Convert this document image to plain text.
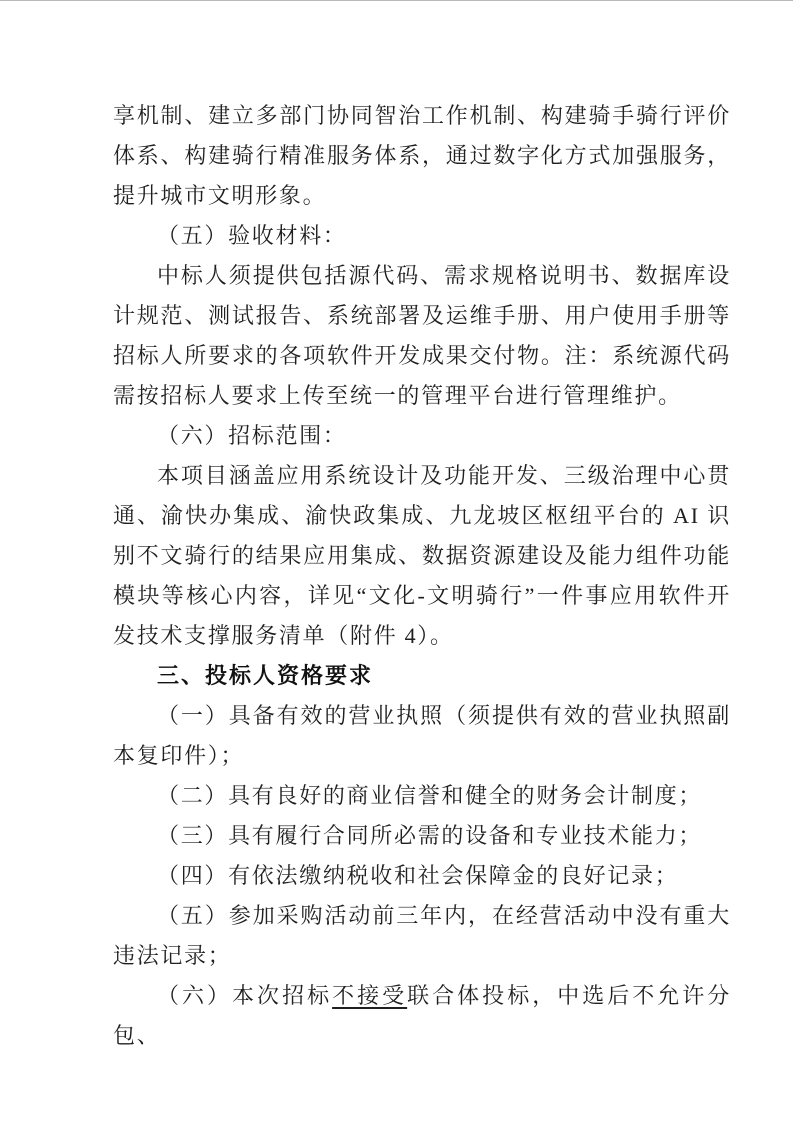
享机制、建立多部门协同智治工作机制、构建骑手骑行评价体系、构建骑行精准服务体系，通过数字化方式加强服务，提升城市文明形象。

（五）验收材料：

中标人须提供包括源代码、需求规格说明书、数据库设计规范、测试报告、系统部署及运维手册、用户使用手册等招标人所要求的各项软件开发成果交付物。注：系统源代码需按招标人要求上传至统一的管理平台进行管理维护。

（六）招标范围：

本项目涵盖应用系统设计及功能开发、三级治理中心贯通、渝快办集成、渝快政集成、九龙坡区枢纽平台的 AI 识别不文骑行的结果应用集成、数据资源建设及能力组件功能模块等核心内容，详见“文化-文明骑行”一件事应用软件开发技术支撑服务清单（附件 4）。

三、投标人资格要求

（一）具备有效的营业执照（须提供有效的营业执照副本复印件）；

（二）具有良好的商业信誉和健全的财务会计制度；

（三）具有履行合同所必需的设备和专业技术能力；

（四）有依法缴纳税收和社会保障金的良好记录；

（五）参加采购活动前三年内，在经营活动中没有重大违法记录；

（六）本次招标不接受联合体投标，中选后不允许分包、
